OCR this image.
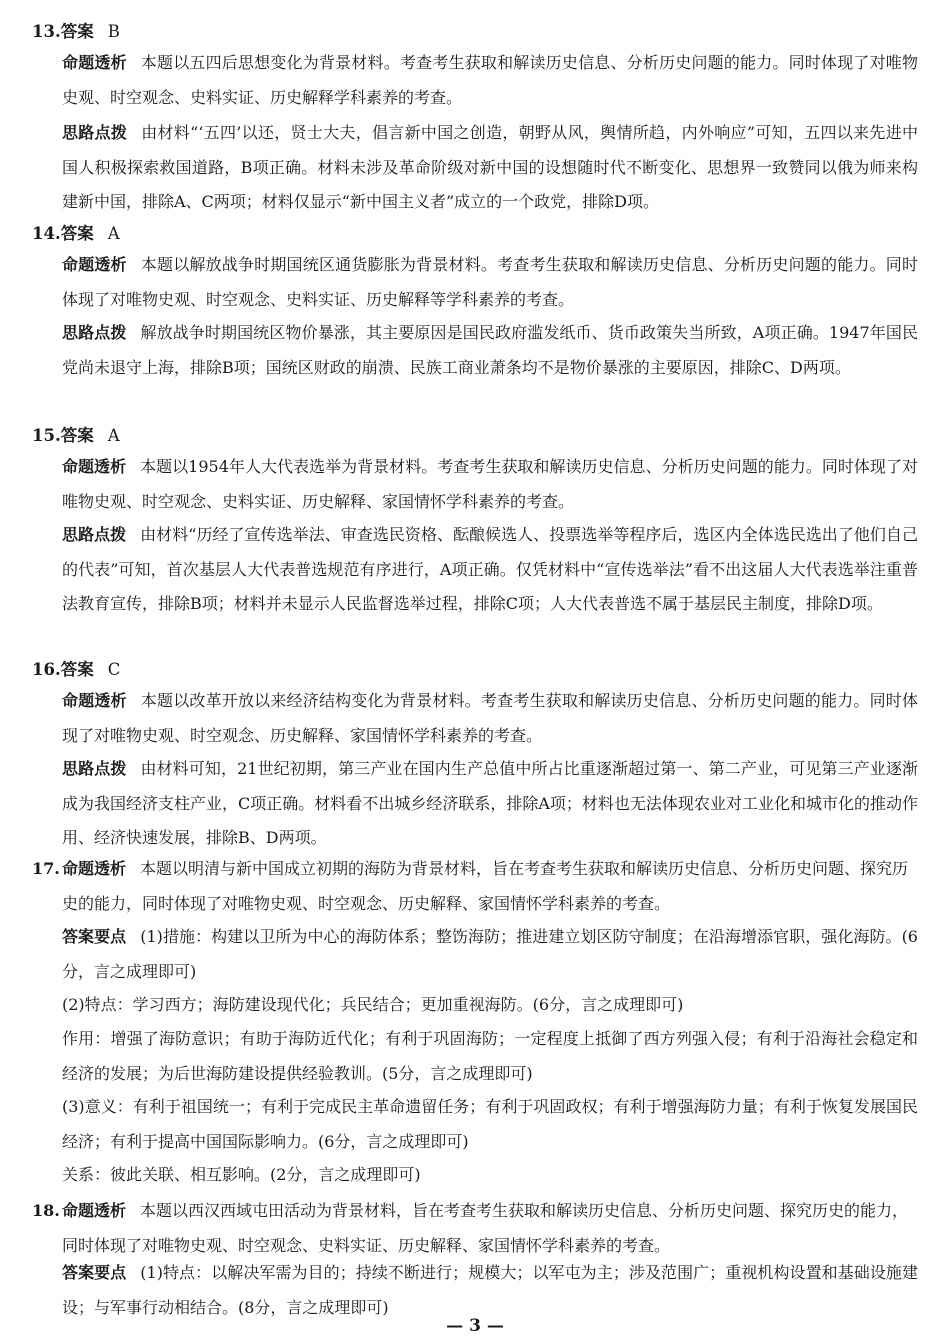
13.答案 B
命题透析 本题以五四后思想变化为背景材料。考查考生获取和解读历史信息、分析历史问题的能力。同时体现了对唯物史观、时空观念、史料实证、历史解释学科素养的考查。
思路点拨 由材料“‘五四’以还，贤士大夫，倡言新中国之创造，朝野从风，舆情所趋，内外响应”可知，五四以来先进中国人积极探索救国道路，B项正确。材料未涉及革命阶级对新中国的设想随时代不断变化、思想界一致赞同以俄为师来构建新中国，排除A、C两项；材料仅显示“新中国主义者”成立的一个政党，排除D项。
14.答案 A
命题透析 本题以解放战争时期国统区通货膨胀为背景材料。考查考生获取和解读历史信息、分析历史问题的能力。同时体现了对唯物史观、时空观念、史料实证、历史解释等学科素养的考查。
思路点拨 解放战争时期国统区物价暴涨，其主要原因是国民政府滥发纸币、货币政策失当所致，A项正确。1947年国民党尚未退守上海，排除B项；国统区财政的崩溃、民族工商业萧条均不是物价暴涨的主要原因，排除C、D两项。
15.答案 A
命题透析 本题以1954年人大代表选举为背景材料。考查考生获取和解读历史信息、分析历史问题的能力。同时体现了对唯物史观、时空观念、史料实证、历史解释、家国情怀学科素养的考查。
思路点拨 由材料“历经了宣传选举法、审查选民资格、酝酿候选人、投票选举等程序后，选区内全体选民选出了他们自己的代表”可知，首次基层人大代表普选规范有序进行，A项正确。仅凭材料中“宣传选举法”看不出这届人大代表选举注重普法教育宣传，排除B项；材料并未显示人民监督选举过程，排除C项；人大代表普选不属于基层民主制度，排除D项。
16.答案 C
命题透析 本题以改革开放以来经济结构变化为背景材料。考查考生获取和解读历史信息、分析历史问题的能力。同时体现了对唯物史观、时空观念、历史解释、家国情怀学科素养的考查。
思路点拨 由材料可知，21世纪初期，第三产业在国内生产总值中所占比重逐渐超过第一、第二产业，可见第三产业逐渐成为我国经济支柱产业，C项正确。材料看不出城乡经济联系，排除A项；材料也无法体现农业对工业化和城市化的推动作用、经济快速发展，排除B、D两项。
17. 命题透析 本题以明清与新中国成立初期的海防为背景材料，旨在考查考生获取和解读历史信息、分析历史问题、探究历史的能力，同时体现了对唯物史观、时空观念、历史解释、家国情怀学科素养的考查。
答案要点 (1)措施：构建以卫所为中心的海防体系；整饬海防；推进建立划区防守制度；在沿海增添官职，强化海防。(6分，言之成理即可)
(2)特点：学习西方；海防建设现代化；兵民结合；更加重视海防。(6分，言之成理即可)
作用：增强了海防意识；有助于海防近代化；有利于巩固海防；一定程度上抵御了西方列强入侵；有利于沿海社会稳定和经济的发展；为后世海防建设提供经验教训。(5分，言之成理即可)
(3)意义：有利于祖国统一；有利于完成民主革命遗留任务；有利于巩固政权；有利于增强海防力量；有利于恢复发展国民经济；有利于提高中国国际影响力。(6分，言之成理即可)
关系：彼此关联、相互影响。(2分，言之成理即可)
18. 命题透析 本题以西汉西域屯田活动为背景材料，旨在考查考生获取和解读历史信息、分析历史问题、探究历史的能力，同时体现了对唯物史观、时空观念、史料实证、历史解释、家国情怀学科素养的考查。
答案要点 (1)特点：以解决军需为目的；持续不断进行；规模大；以军屯为主；涉及范围广；重视机构设置和基础设施建设；与军事行动相结合。(8分，言之成理即可)
— 3 —
